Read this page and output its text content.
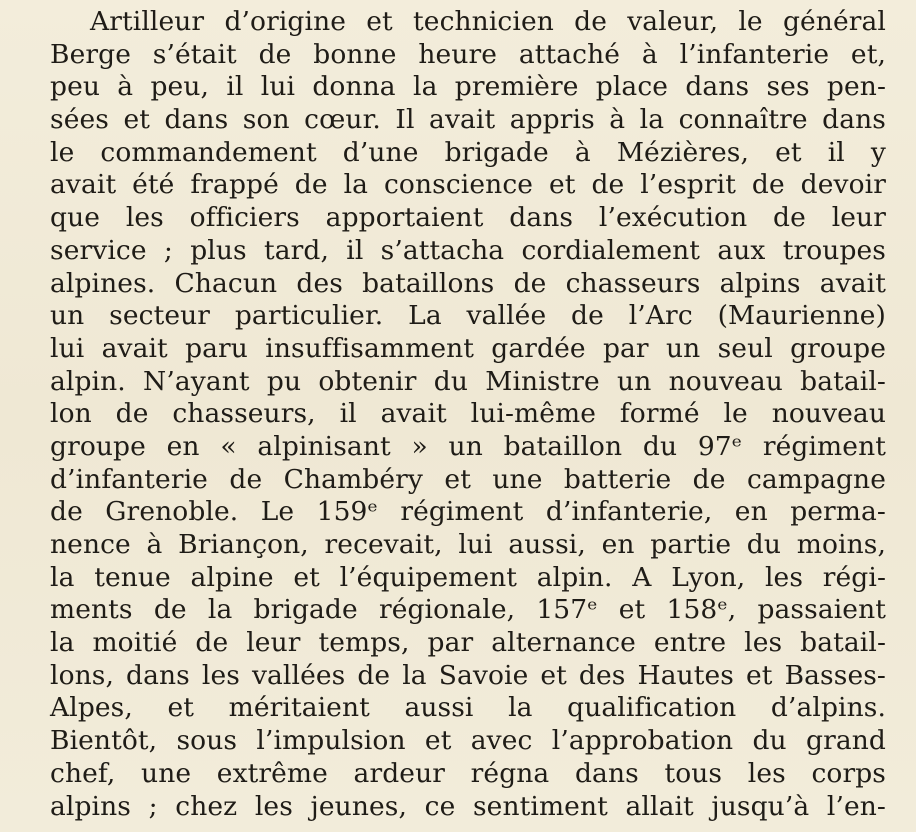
Artilleur d’origine et technicien de valeur, le général
Berge s’était de bonne heure attaché à l’infanterie et,
peu à peu, il lui donna la première place dans ses pen-
sées et dans son cœur. Il avait appris à la connaître dans
le commandement d’une brigade à Mézières, et il y
avait été frappé de la conscience et de l’esprit de devoir
que les officiers apportaient dans l’exécution de leur
service ; plus tard, il s’attacha cordialement aux troupes
alpines. Chacun des bataillons de chasseurs alpins avait
un secteur particulier. La vallée de l’Arc (Maurienne)
lui avait paru insuffisamment gardée par un seul groupe
alpin. N’ayant pu obtenir du Ministre un nouveau batail-
lon de chasseurs, il avait lui-même formé le nouveau
groupe en « alpinisant » un bataillon du 97ᵉ régiment
d’infanterie de Chambéry et une batterie de campagne
de Grenoble. Le 159ᵉ régiment d’infanterie, en perma-
nence à Briançon, recevait, lui aussi, en partie du moins,
la tenue alpine et l’équipement alpin. A Lyon, les régi-
ments de la brigade régionale, 157ᵉ et 158ᵉ, passaient
la moitié de leur temps, par alternance entre les batail-
lons, dans les vallées de la Savoie et des Hautes et Basses-
Alpes, et méritaient aussi la qualification d’alpins.
Bientôt, sous l’impulsion et avec l’approbation du grand
chef, une extrême ardeur régna dans tous les corps
alpins ; chez les jeunes, ce sentiment allait jusqu’à l’en-
